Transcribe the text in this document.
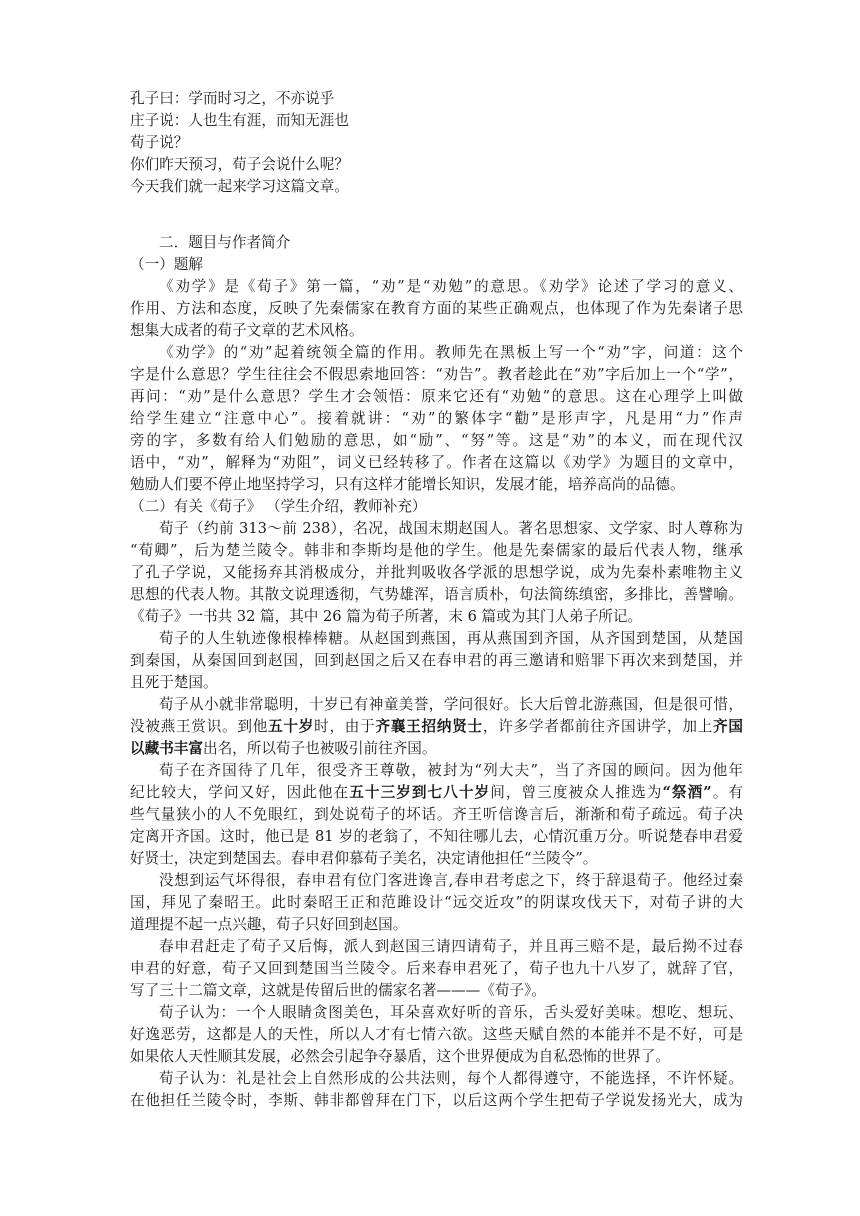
孔子曰：学而时习之，不亦说乎
庄子说：人也生有涯，而知无涯也
荀子说？
你们昨天预习，荀子会说什么呢？
今天我们就一起来学习这篇文章。
二．题目与作者简介
（一）题解
《劝学》是《荀子》第一篇，“劝”是“劝勉”的意思。《劝学》论述了学习的意义、
作用、方法和态度，反映了先秦儒家在教育方面的某些正确观点，也体现了作为先秦诸子思
想集大成者的荀子文章的艺术风格。
《劝学》的“劝”起着统领全篇的作用。教师先在黑板上写一个“劝”字，问道：这个
字是什么意思？学生往往会不假思索地回答：“劝告”。教者趁此在“劝”字后加上一个“学”，
再问：“劝”是什么意思？学生才会领悟：原来它还有“劝勉”的意思。这在心理学上叫做
给学生建立“注意中心”。接着就讲：“劝”的繁体字“勸”是形声字，凡是用“力”作声
旁的字，多数有给人们勉励的意思，如“励”、“努”等。这是“劝”的本义，而在现代汉
语中，“劝”，解释为“劝阻”，词义已经转移了。作者在这篇以《劝学》为题目的文章中，
勉励人们要不停止地坚持学习，只有这样才能增长知识，发展才能，培养高尚的品德。
（二）有关《荀子》 （学生介绍，教师补充）
荀子（约前 313～前 238），名况，战国末期赵国人。著名思想家、文学家、时人尊称为
“荀卿”，后为楚兰陵令。韩非和李斯均是他的学生。他是先秦儒家的最后代表人物，继承
了孔子学说，又能扬弃其消极成分，并批判吸收各学派的思想学说，成为先秦朴素唯物主义
思想的代表人物。其散文说理透彻，气势雄浑，语言质朴，句法简练缜密，多排比，善譬喻。
《荀子》一书共 32 篇，其中 26 篇为荀子所著，末 6 篇或为其门人弟子所记。
荀子的人生轨迹像根棒棒糖。从赵国到燕国，再从燕国到齐国，从齐国到楚国，从楚国
到秦国，从秦国回到赵国，回到赵国之后又在春申君的再三邀请和赔罪下再次来到楚国，并
且死于楚国。
荀子从小就非常聪明，十岁已有神童美誉，学问很好。长大后曾北游燕国，但是很可惜，
没被燕王赏识。到他五十岁时，由于齐襄王招纳贤士，许多学者都前往齐国讲学，加上齐国
以藏书丰富出名，所以荀子也被吸引前往齐国。
荀子在齐国待了几年，很受齐王尊敬，被封为“列大夫”，当了齐国的顾问。因为他年
纪比较大，学问又好，因此他在五十三岁到七八十岁间，曾三度被众人推选为“祭酒”。有
些气量狭小的人不免眼红，到处说荀子的坏话。齐王听信谗言后，渐渐和荀子疏远。荀子决
定离开齐国。这时，他已是 81 岁的老翁了，不知往哪儿去，心情沉重万分。听说楚春申君爱
好贤士，决定到楚国去。春申君仰慕荀子美名，决定请他担任“兰陵令”。
没想到运气坏得很，春申君有位门客进谗言,春申君考虑之下，终于辞退荀子。他经过秦
国，拜见了秦昭王。此时秦昭王正和范雎设计“远交近攻”的阴谋攻伐天下，对荀子讲的大
道理提不起一点兴趣，荀子只好回到赵国。
春申君赶走了荀子又后悔，派人到赵国三请四请荀子，并且再三赔不是，最后拗不过春
申君的好意，荀子又回到楚国当兰陵令。后来春申君死了，荀子也九十八岁了，就辞了官，
写了三十二篇文章，这就是传留后世的儒家名著———《荀子》。
荀子认为：一个人眼睛贪图美色，耳朵喜欢好听的音乐，舌头爱好美味。想吃、想玩、
好逸恶劳，这都是人的天性，所以人才有七情六欲。这些天赋自然的本能并不是不好，可是
如果依人天性顺其发展，必然会引起争夺暴盾，这个世界便成为自私恐怖的世界了。
荀子认为：礼是社会上自然形成的公共法则，每个人都得遵守，不能选择，不许怀疑。
在他担任兰陵令时，李斯、韩非都曾拜在门下，以后这两个学生把荀子学说发扬光大，成为
